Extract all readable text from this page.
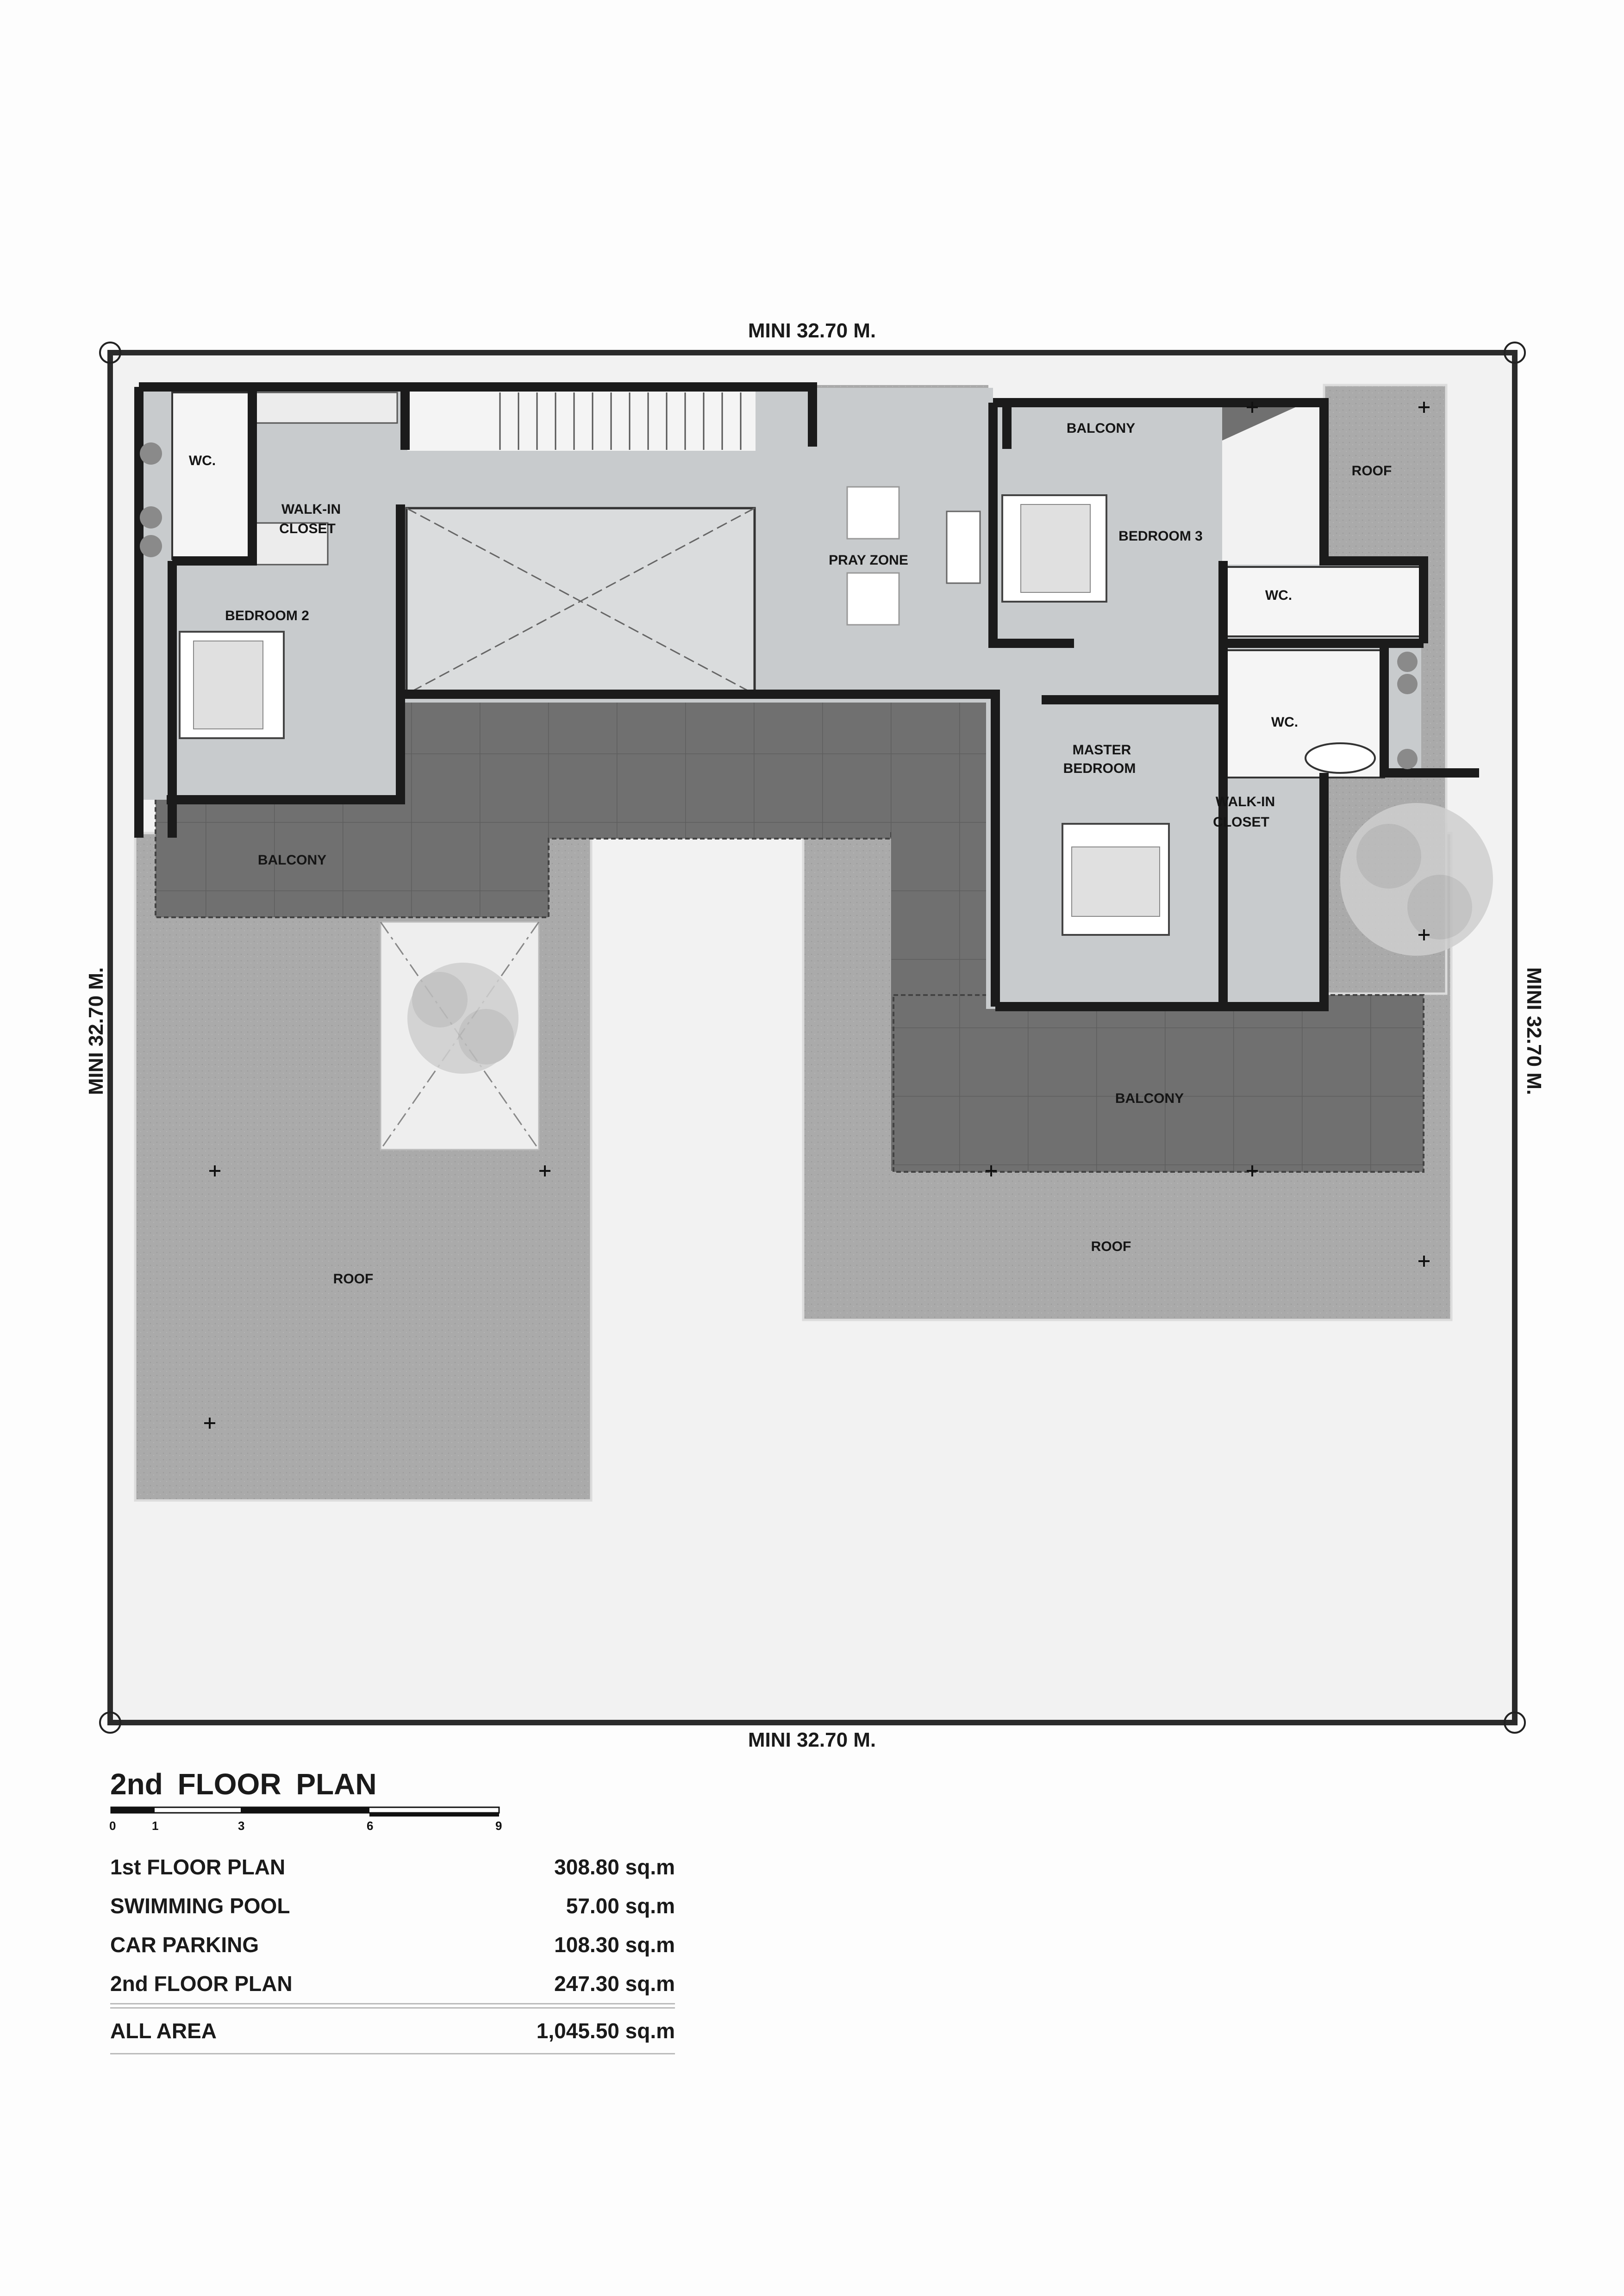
WC.
WALK-IN
CLOSET
BEDROOM 2
BALCONY
PRAY ZONE
BALCONY
BEDROOM 3
ROOF
WC.
WC.
MASTER
BEDROOM
WALK-IN
CLOSET
BALCONY
ROOF
ROOF
MINI 32.70 M.
MINI 32.70 M.
MINI 32.70 M.	MINI 32.70 M.
2nd FLOOR PLAN
0	1	3	6	9
1st FLOOR PLAN	308.80 sq.m
SWIMMING POOL	57.00 sq.m
CAR PARKING	108.30 sq.m
2nd FLOOR PLAN	247.30 sq.m
ALL AREA	1,045.50 sq.m
